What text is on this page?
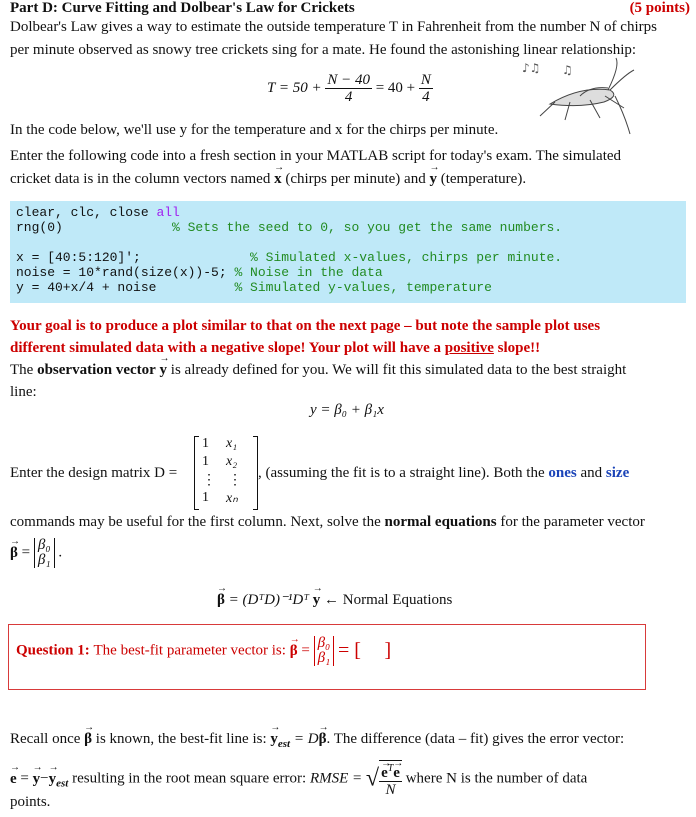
Part D: Curve Fitting and Dolbear's Law for Crickets	(5 points)
Dolbear's Law gives a way to estimate the outside temperature T in Fahrenheit from the number N of chirps
per minute observed as snowy tree crickets sing for a mate. He found the astonishing linear relationship:
♪♫ ♫
$T = 50 + \frac{N - 40}{4} = 40 + \frac{N}{4}$
In the code below, we'll use y for the temperature and x for the chirps per minute.
Enter the following code into a fresh section in your MATLAB script for today's exam. The simulated
cricket data is in the column vectors named → x (chirps per minute) and → y (temperature).
clear, clc, close all
rng(0)              % Sets the seed to 0, so you get the same numbers.
x = [40:5:120]';              % Simulated x-values, chirps per minute.
noise = 10*rand(size(x))-5; % Noise in the data
y = 40+x/4 + noise          % Simulated y-values, temperature
Your goal is to produce a plot similar to that on the next page – but note the sample plot uses
different simulated data with a negative slope! Your plot will have a positive slope!!
The observation vector → y is already defined for you. We will fit this simulated data to the best straight
line:
y = β₀ + β₁x
Enter the design matrix D =
1 x₁
1 x₂
⋮ ⋮
1 xₙ
, (assuming the fit is to a straight line). Both the ones and size
commands may be useful for the first column. Next, solve the normal equations for the parameter vector
→ β = β₀
β₁ .
→ β = (DᵀD)⁻¹Dᵀ → y ← Normal Equations
Question 1: The best-fit parameter vector is: → β = β₀
β₁ = [ ]
Recall once → β is known, the best-fit line is: → $y_{est} = D\to \beta$. The difference (data – fit) gives the error vector:
→ e = → $y-\to y_{est}$ resulting in the root mean square error: RMSE = √ → $\frac{e^T\to e}{N}$ where N is the number of data
points.
